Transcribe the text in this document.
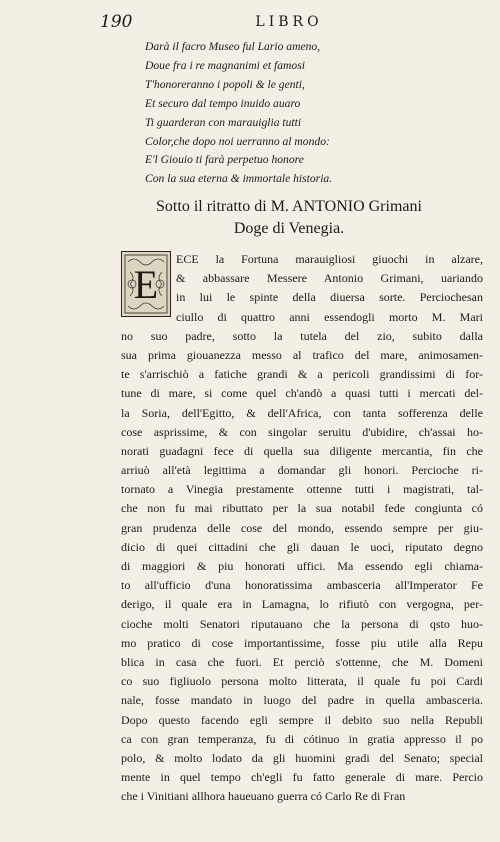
190	LIBRO
Darà il facro Museo ful Lario ameno,
Doue fra i re magnanimi et famosi
T'honoreranno i popoli & le genti,
Et securo dal tempo inuido auaro
Ti guarderan con marauiglia tutti
Color,che dopo noi uerranno al mondo:
E'l Giouio ti farà perpetuo honore
Con la sua eterna & immortale historia.
Sotto il ritratto di M. ANTONIO Grimani
Doge di Venegia.
E
ECE la Fortuna marauigliosi giuochi in alzare,
& abbassare Messere Antonio Grimani, uariando
in lui le spinte della diuersa sorte. Perciochesan
ciullo di quattro anni essendogli morto M. Mari
no suo padre, sotto la tutela del zio, subito dalla
sua prima giouanezza messo al trafico del mare, animosamen-
te s'arrischiò a fatiche grandi & a pericoli grandissimi di for-
tune di mare, si come quel ch'andò a quasi tutti i mercati del-
la Soria, dell'Egitto, & dell'Africa, con tanta sofferenza delle
cose asprissime, & con singolar seruitu d'ubidire, ch'assai ho-
norati guadagni fece di quella sua diligente mercantia, fin che
arriuò all'età legittima a domandar gli honori. Percioche ri-
tornato a Vinegia prestamente ottenne tutti i magistrati, tal-
che non fu mai ributtato per la sua notabil fede congiunta có
gran prudenza delle cose del mondo, essendo sempre per giu-
dicio di quei cittadini che gli dauan le uoci, riputato degno
di maggiori & piu honorati uffici. Ma essendo egli chiama-
to all'ufficio d'una honoratissima ambasceria all'Imperator Fe
derigo, il quale era in Lamagna, lo rifiutò con vergogna, per-
cioche molti Senatori riputauano che la persona di qsto huo-
mo pratico di cose importantissime, fosse piu utile alla Repu
blica in casa che fuori. Et perciò s'ottenne, che M. Domeni
co suo figliuolo persona molto litterata, il quale fu poi Cardi
nale, fosse mandato in luogo del padre in quella ambasceria.
Dopo questo facendo egli sempre il debito suo nella Republi
ca con gran temperanza, fu di cótinuo in gratia appresso il po
polo, & molto lodato da gli huomini gradi del Senato; special
mente in quel tempo ch'egli fu fatto generale di mare. Percio
che i Vinitiani allhora haueuano guerra có Carlo Re di Fran
